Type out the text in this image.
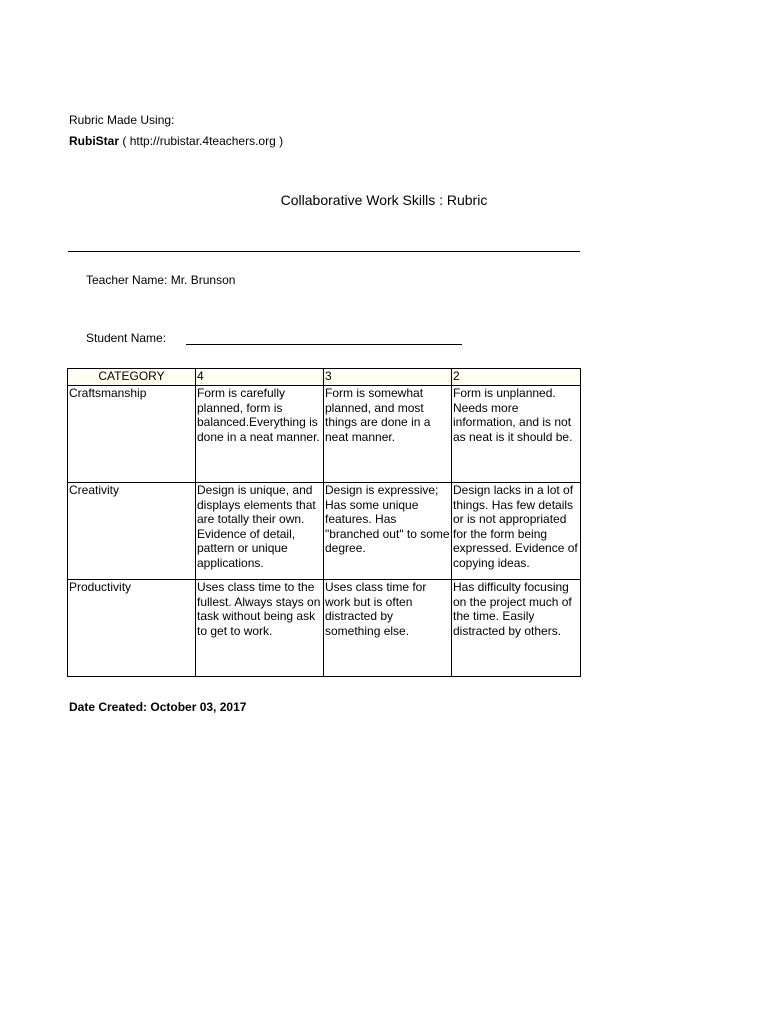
Rubric Made Using:
RubiStar ( http://rubistar.4teachers.org )
Collaborative Work Skills : Rubric
Teacher Name: Mr. Brunson
Student Name:
CATEGORY	4	3	2
Craftsmanship	Form is carefully planned, form is balanced.Everything is done in a neat manner.	Form is somewhat planned, and most things are done in a neat manner.	Form is unplanned. Needs more information, and is not as neat is it should be.
Creativity	Design is unique, and displays elements that are totally their own. Evidence of detail, pattern or unique applications.	Design is expressive; Has some unique features. Has "branched out" to some degree.	Design lacks in a lot of things. Has few details or is not appropriated for the form being expressed. Evidence of copying ideas.
Productivity	Uses class time to the fullest. Always stays on task without being ask to get to work.	Uses class time for work but is often distracted by something else.	Has difficulty focusing on the project much of the time. Easily distracted by others.
Date Created: October 03, 2017
